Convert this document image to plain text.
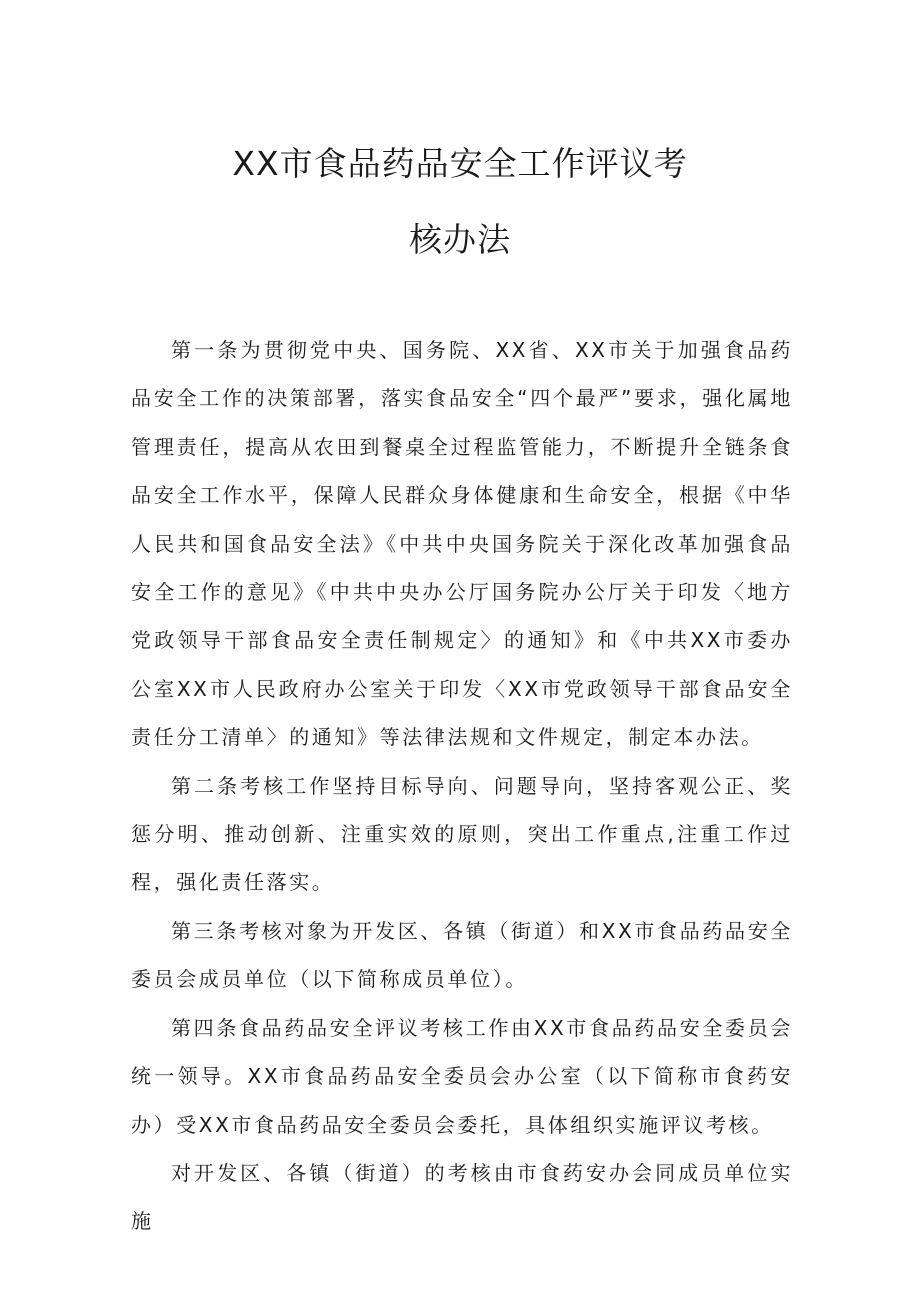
XX市食品药品安全工作评议考
核办法

第一条为贯彻党中央、国务院、XX省、XX市关于加强食品药品安全工作的决策部署，落实食品安全“四个最严”要求，强化属地管理责任，提高从农田到餐桌全过程监管能力，不断提升全链条食品安全工作水平，保障人民群众身体健康和生命安全，根据《中华人民共和国食品安全法》《中共中央国务院关于深化改革加强食品安全工作的意见》《中共中央办公厅国务院办公厅关于印发〈地方党政领导干部食品安全责任制规定〉的通知》和《中共XX市委办公室XX市人民政府办公室关于印发〈XX市党政领导干部食品安全责任分工清单〉的通知》等法律法规和文件规定，制定本办法。

第二条考核工作坚持目标导向、问题导向，坚持客观公正、奖惩分明、推动创新、注重实效的原则，突出工作重点,注重工作过程，强化责任落实。

第三条考核对象为开发区、各镇（街道）和XX市食品药品安全委员会成员单位（以下简称成员单位）。

第四条食品药品安全评议考核工作由XX市食品药品安全委员会统一领导。XX市食品药品安全委员会办公室（以下简称市食药安办）受XX市食品药品安全委员会委托，具体组织实施评议考核。

对开发区、各镇（街道）的考核由市食药安办会同成员单位实施
